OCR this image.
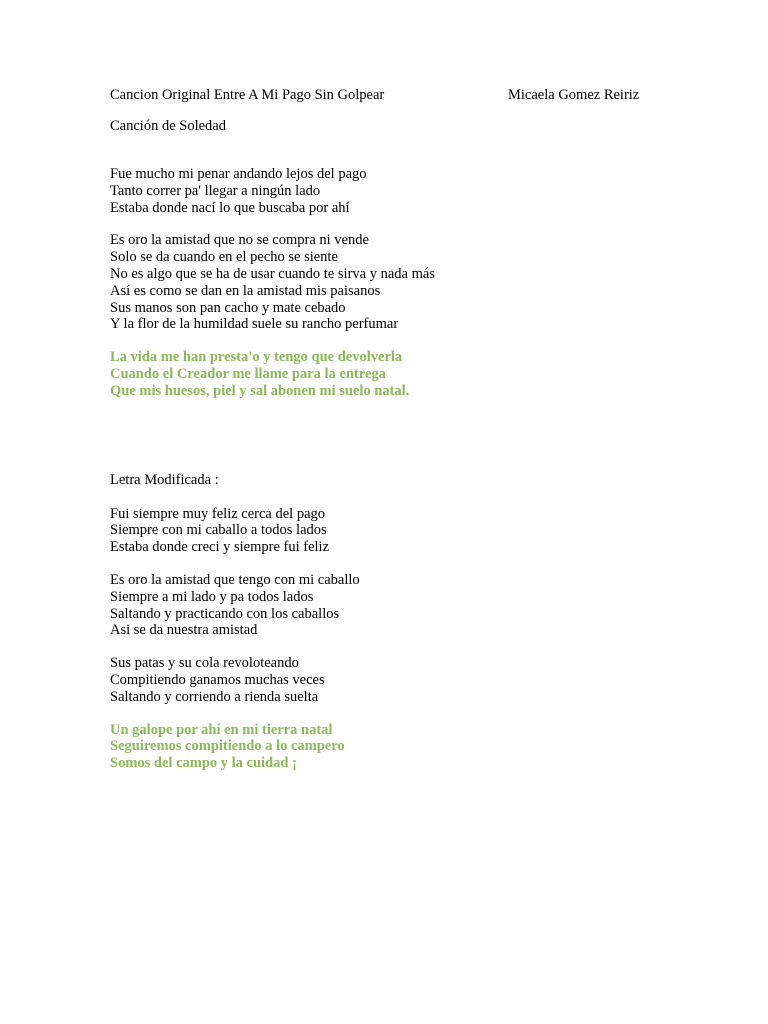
Cancion Original Entre A Mi Pago Sin Golpear	Micaela Gomez Reiriz
Canción de Soledad
Fue mucho mi penar andando lejos del pago
Tanto correr pa' llegar a ningún lado
Estaba donde nací lo que buscaba por ahí
Es oro la amistad que no se compra ni vende
Solo se da cuando en el pecho se siente
No es algo que se ha de usar cuando te sirva y nada más
Así es como se dan en la amistad mis paisanos
Sus manos son pan cacho y mate cebado
Y la flor de la humildad suele su rancho perfumar
La vida me han presta'o y tengo que devolverla
Cuando el Creador me llame para la entrega
Que mis huesos, piel y sal abonen mi suelo natal.
Letra Modificada :
Fui siempre muy feliz cerca del pago
Siempre con mi caballo a todos lados
Estaba donde creci y siempre fui feliz
Es oro la amistad que tengo con mi caballo
Siempre a mi lado y pa todos lados
Saltando y practicando con los caballos
Asi se da nuestra amistad
Sus patas y su cola revoloteando
Compitiendo ganamos muchas veces
Saltando y corriendo a rienda suelta
Un galope por ahí en mi tierra natal
Seguiremos compitiendo a lo campero
Somos del campo y la cuidad ¡
